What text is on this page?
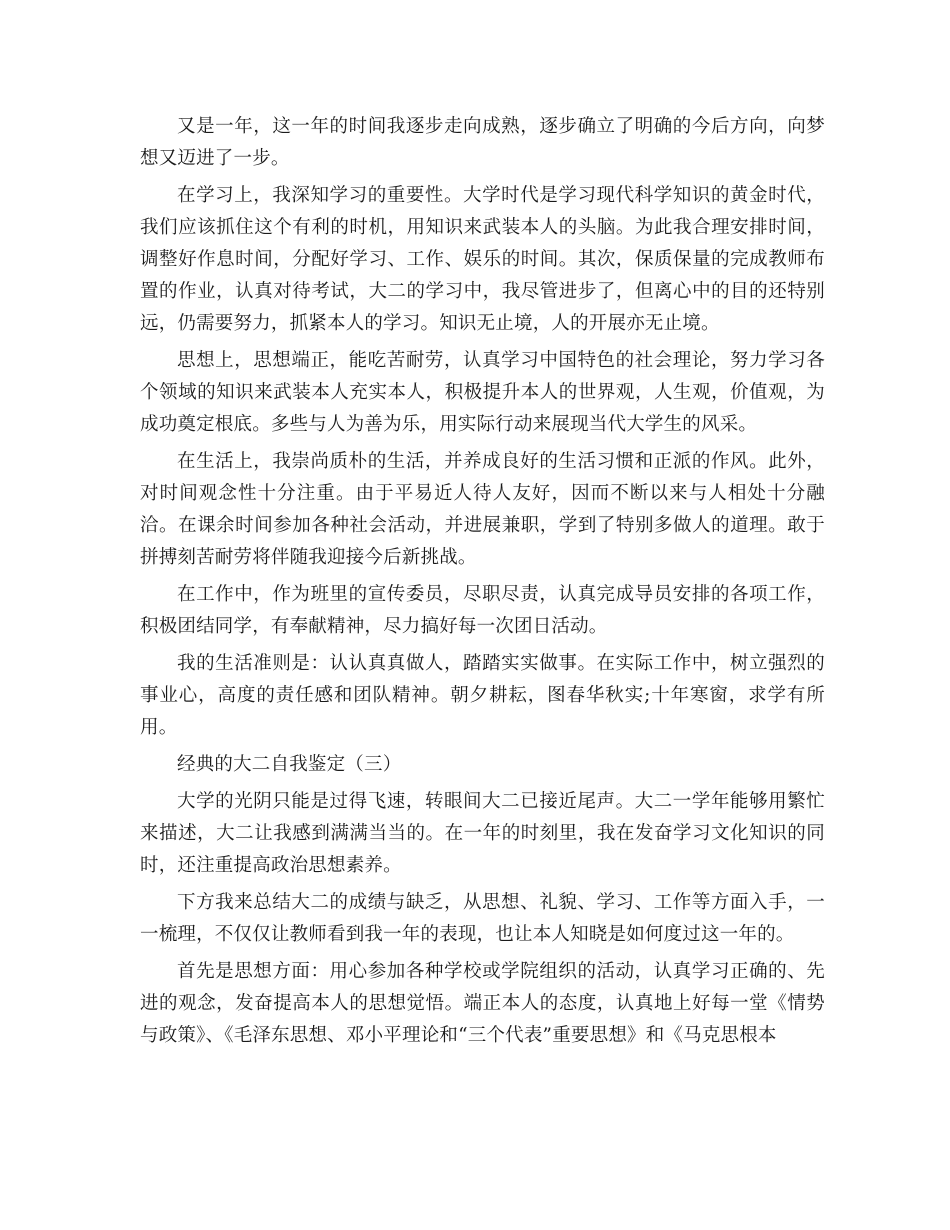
又是一年，这一年的时间我逐步走向成熟，逐步确立了明确的今后方向，向梦想又迈进了一步。

在学习上，我深知学习的重要性。大学时代是学习现代科学知识的黄金时代，我们应该抓住这个有利的时机，用知识来武装本人的头脑。为此我合理安排时间，调整好作息时间，分配好学习、工作、娱乐的时间。其次，保质保量的完成教师布置的作业，认真对待考试，大二的学习中，我尽管进步了，但离心中的目的还特别远，仍需要努力，抓紧本人的学习。知识无止境，人的开展亦无止境。

思想上，思想端正，能吃苦耐劳，认真学习中国特色的社会理论，努力学习各个领域的知识来武装本人充实本人，积极提升本人的世界观，人生观，价值观，为成功奠定根底。多些与人为善为乐，用实际行动来展现当代大学生的风采。

在生活上，我崇尚质朴的生活，并养成良好的生活习惯和正派的作风。此外，对时间观念性十分注重。由于平易近人待人友好，因而不断以来与人相处十分融洽。在课余时间参加各种社会活动，并进展兼职，学到了特别多做人的道理。敢于拼搏刻苦耐劳将伴随我迎接今后新挑战。

在工作中，作为班里的宣传委员，尽职尽责，认真完成导员安排的各项工作，积极团结同学，有奉献精神，尽力搞好每一次团日活动。

我的生活准则是：认认真真做人，踏踏实实做事。在实际工作中，树立强烈的事业心，高度的责任感和团队精神。朝夕耕耘，图春华秋实;十年寒窗，求学有所用。

经典的大二自我鉴定（三）

大学的光阴只能是过得飞速，转眼间大二已接近尾声。大二一学年能够用繁忙来描述，大二让我感到满满当当的。在一年的时刻里，我在发奋学习文化知识的同时，还注重提高政治思想素养。

下方我来总结大二的成绩与缺乏，从思想、礼貌、学习、工作等方面入手，一一梳理，不仅仅让教师看到我一年的表现，也让本人知晓是如何度过这一年的。

首先是思想方面：用心参加各种学校或学院组织的活动，认真学习正确的、先进的观念，发奋提高本人的思想觉悟。端正本人的态度，认真地上好每一堂《情势与政策》、《毛泽东思想、邓小平理论和“三个代表”重要思想》和《马克思根本
